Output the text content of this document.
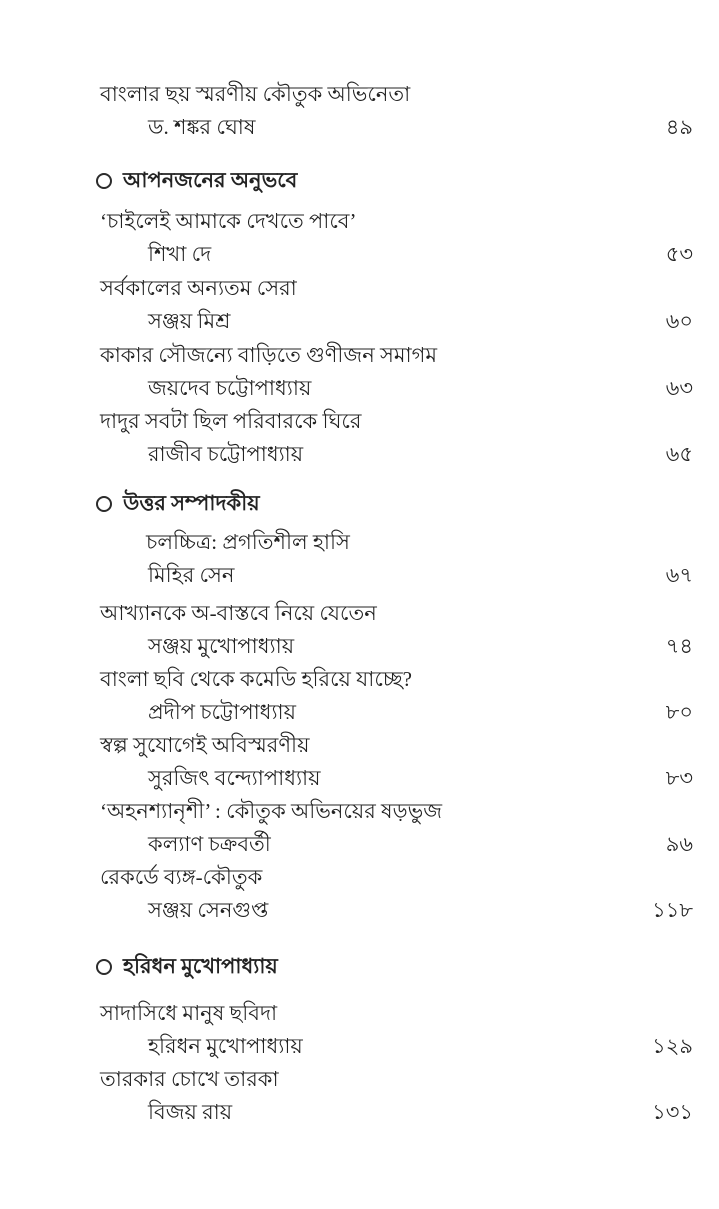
বাংলার ছয় স্মরণীয় কৌতুক অভিনেতা
ড. শঙ্কর ঘোষ	৪৯
আপনজনের অনুভবে
‘চাইলেই আমাকে দেখতে পাবে’
শিখা দে	৫৩
সর্বকালের অন্যতম সেরা
সঞ্জয় মিশ্র	৬০
কাকার সৌজন্যে বাড়িতে গুণীজন সমাগম
জয়দেব চট্টোপাধ্যায়	৬৩
দাদুর সবটা ছিল পরিবারকে ঘিরে
রাজীব চট্টোপাধ্যায়	৬৫
উত্তর সম্পাদকীয়
চলচ্চিত্র: প্রগতিশীল হাসি
মিহির সেন	৬৭
আখ্যানকে অ-বাস্তবে নিয়ে যেতেন
সঞ্জয় মুখোপাধ্যায়	৭৪
বাংলা ছবি থেকে কমেডি হরিয়ে যাচ্ছে?
প্রদীপ চট্টোপাধ্যায়	৮০
স্বল্প সুযোগেই অবিস্মরণীয়
সুরজিৎ বন্দ্যোপাধ্যায়	৮৩
‘অহনশ্যানৃশী’ : কৌতুক অভিনয়ের ষড়ভুজ
কল্যাণ চক্রবর্তী	৯৬
রেকর্ডে ব্যঙ্গ-কৌতুক
সঞ্জয় সেনগুপ্ত	১১৮
হরিধন মুখোপাধ্যায়
সাদাসিধে মানুষ ছবিদা
হরিধন মুখোপাধ্যায়	১২৯
তারকার চোখে তারকা
বিজয় রায়	১৩১
